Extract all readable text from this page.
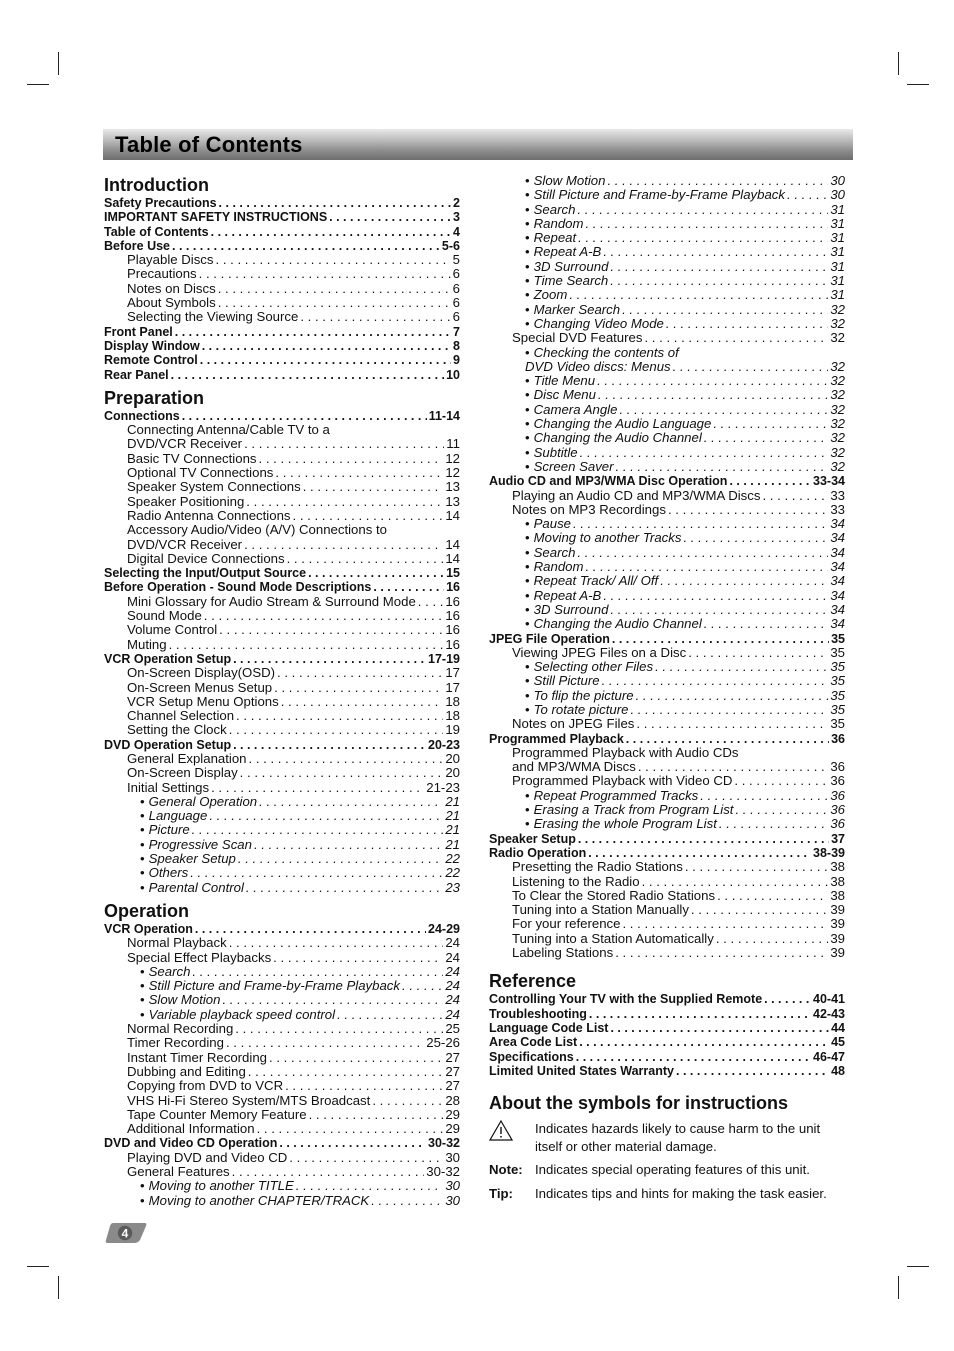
Table of Contents
Introduction
Safety Precautions . . .	2
IMPORTANT SAFETY INSTRUCTIONS . . .	3
Table of Contents . . .	4
Before Use . . .	5-6
Playable Discs . . .	5
Precautions . . .	6
Notes on Discs . . .	6
About Symbols . . .	6
Selecting the Viewing Source . . .	6
Front Panel . . .	7
Display Window . . .	8
Remote Control . . .	9
Rear Panel . . .	10
Preparation
Connections . . .	11-14
Connecting Antenna/Cable TV to a
DVD/VCR Receiver . . .	11
Basic TV Connections . . .	12
Optional TV Connections . . .	12
Speaker System Connections . . .	13
Speaker Positioning . . .	13
Radio Antenna Connections . . .	14
Accessory Audio/Video (A/V) Connections to
DVD/VCR Receiver . . .	14
Digital Device Connections . . .	14
Selecting the Input/Output Source . . .	15
Before Operation - Sound Mode Descriptions . . .	16
Mini Glossary for Audio Stream & Surround Mode . . . 16
Sound Mode . . .	16
Volume Control . . .	16
Muting . . .	16
VCR Operation Setup . . .	17-19
On-Screen Display(OSD) . . .	17
On-Screen Menus Setup . . .	17
VCR Setup Menu Options . . .	18
Channel Selection . . .	18
Setting the Clock . . .	19
DVD Operation Setup . . .	20-23
General Explanation . . .	20
On-Screen Display . . .	20
Initial Settings . . .	21-23
• General Operation . . .	21
• Language . . .	21
• Picture . . .	21
• Progressive Scan . . .	21
• Speaker Setup . . .	22
• Others . . .	22
• Parental Control . . .	23
Operation
VCR Operation . . .	24-29
Normal Playback . . .	24
Special Effect Playbacks . . .	24
• Search . . .	24
• Still Picture and Frame-by-Frame Playback . . .	24
• Slow Motion . . .	24
• Variable playback speed control . . .	24
Normal Recording . . .	25
Timer Recording . . .	25-26
Instant Timer Recording . . .	27
Dubbing and Editing . . .	27
Copying from DVD to VCR . . .	27
VHS Hi-Fi Stereo System/MTS Broadcast . . .	28
Tape Counter Memory Feature . . .	29
Additional Information . . .	29
DVD and Video CD Operation . . .	30-32
Playing DVD and Video CD . . .	30
General Features . . .	30-32
• Moving to another TITLE . . .	30
• Moving to another CHAPTER/TRACK . . .	30
• Slow Motion . . .	30
• Still Picture and Frame-by-Frame Playback . . .	30
• Search . . .	31
• Random . . .	31
• Repeat . . .	31
• Repeat A-B . . .	31
• 3D Surround . . .	31
• Time Search . . .	31
• Zoom . . .	31
• Marker Search . . .	32
• Changing Video Mode . . .	32
Special DVD Features . . .	32
• Checking the contents of
DVD Video discs: Menus . . .	32
• Title Menu . . .	32
• Disc Menu . . .	32
• Camera Angle . . .	32
• Changing the Audio Language . . .	32
• Changing the Audio Channel . . .	32
• Subtitle . . .	32
• Screen Saver . . .	32
Audio CD and MP3/WMA Disc Operation . . .	33-34
Playing an Audio CD and MP3/WMA Discs . . .	33
Notes on MP3 Recordings . . .	33
• Pause . . .	34
• Moving to another Tracks . . .	34
• Search . . .	34
• Random . . .	34
• Repeat Track/ All/ Off . . .	34
• Repeat A-B . . .	34
• 3D Surround . . .	34
• Changing the Audio Channel . . .	34
JPEG File Operation . . .	35
Viewing JPEG Files on a Disc . . .	35
• Selecting other Files . . .	35
• Still Picture . . .	35
• To flip the picture . . .	35
• To rotate picture . . .	35
Notes on JPEG Files . . .	35
Programmed Playback . . .	36
Programmed Playback with Audio CDs
and MP3/WMA Discs . . .	36
Programmed Playback with Video CD . . .	36
• Repeat Programmed Tracks . . .	36
• Erasing a Track from Program List . . .	36
• Erasing the whole Program List . . .	36
Speaker Setup . . .	37
Radio Operation . . .	38-39
Presetting the Radio Stations . . .	38
Listening to the Radio . . .	38
To Clear the Stored Radio Stations . . .	38
Tuning into a Station Manually . . .	39
For your reference . . .	39
Tuning into a Station Automatically . . .	39
Labeling Stations . . .	39
Reference
Controlling Your TV with the Supplied Remote . . .	40-41
Troubleshooting . . .	42-43
Language Code List . . .	44
Area Code List . . .	45
Specifications . . .	46-47
Limited United States Warranty . . .	48
About the symbols for instructions
Indicates hazards likely to cause harm to the unit itself or other material damage.
Note: Indicates special operating features of this unit.
Tip:	Indicates tips and hints for making the task easier.
4
